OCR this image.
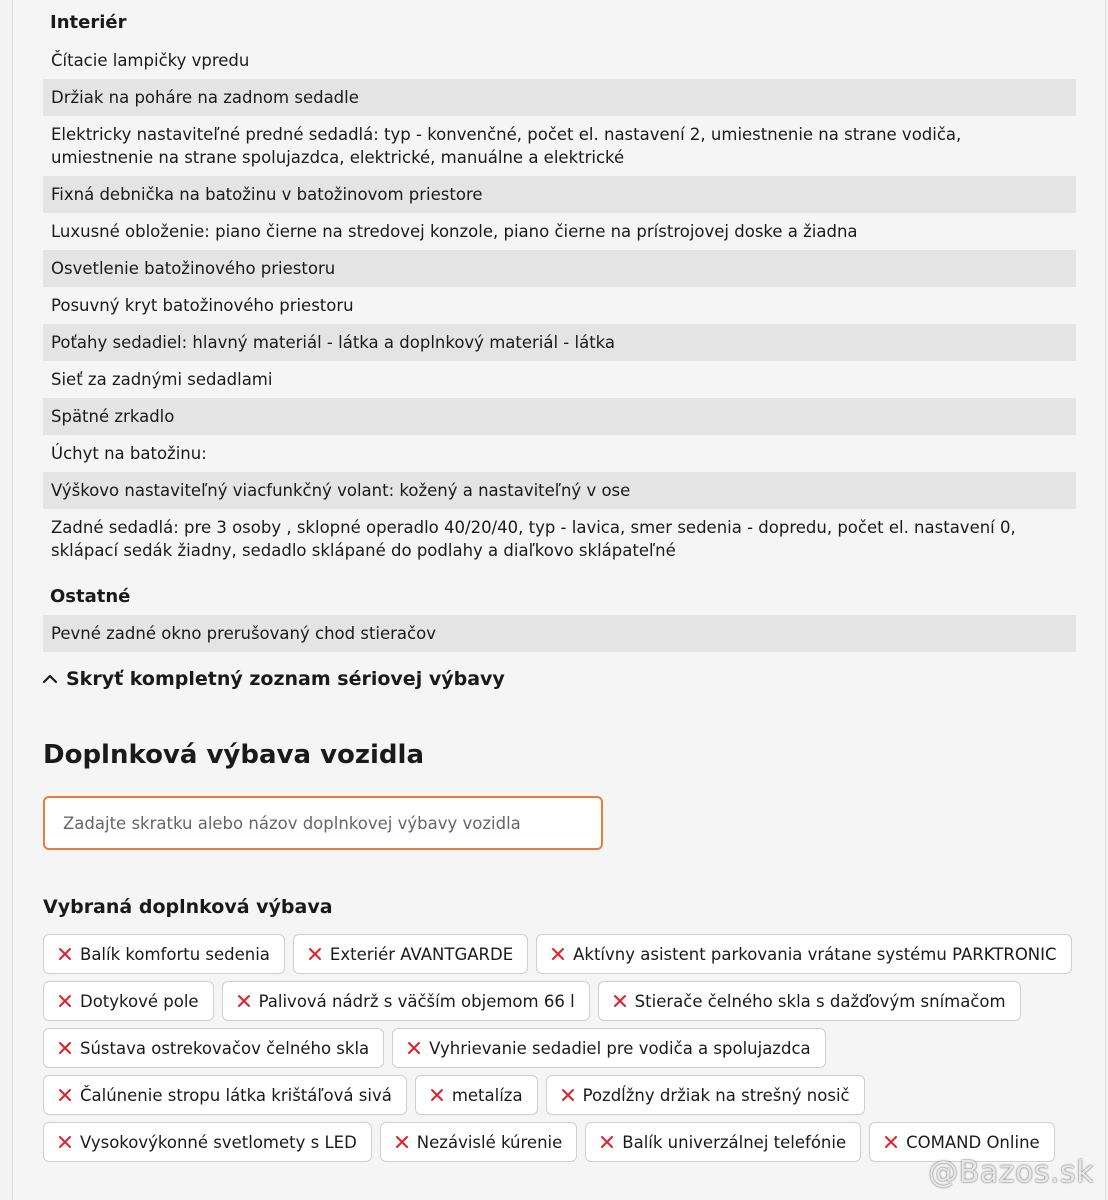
Interiér
Čítacie lampičky vpredu
Držiak na poháre na zadnom sedadle
Elektricky nastaviteľné predné sedadlá: typ - konvenčné, počet el. nastavení 2, umiestnenie na strane vodiča, umiestnenie na strane spolujazdca, elektrické, manuálne a elektrické
Fixná debnička na batožinu v batožinovom priestore
Luxusné obloženie: piano čierne na stredovej konzole, piano čierne na prístrojovej doske a žiadna
Osvetlenie batožinového priestoru
Posuvný kryt batožinového priestoru
Poťahy sedadiel: hlavný materiál - látka a doplnkový materiál - látka
Sieť za zadnými sedadlami
Spätné zrkadlo
Úchyt na batožinu:
Výškovo nastaviteľný viacfunkčný volant: kožený a nastaviteľný v ose
Zadné sedadlá: pre 3 osoby , sklopné operadlo 40/20/40, typ - lavica, smer sedenia - dopredu, počet el. nastavení 0, sklápací sedák žiadny, sedadlo sklápané do podlahy a diaľkovo sklápateľné
Ostatné
Pevné zadné okno prerušovaný chod stieračov
Skryť kompletný zoznam sériovej výbavy
Doplnková výbava vozidla
Zadajte skratku alebo názov doplnkovej výbavy vozidla
Vybraná doplnková výbava
Balík komfortu sedenia	Exteriér AVANTGARDE	Aktívny asistent parkovania vrátane systému PARKTRONIC
Dotykové pole	Palivová nádrž s väčším objemom 66 l	Stierače čelného skla s dažďovým snímačom
Sústava ostrekovačov čelného skla	Vyhrievanie sedadiel pre vodiča a spolujazdca
Čalúnenie stropu látka krištáľová sivá	metalíza	Pozdĺžny držiak na strešný nosič
Vysokovýkonné svetlomety s LED	Nezávislé kúrenie	Balík univerzálnej telefónie	COMAND Online
@Bazos.sk
